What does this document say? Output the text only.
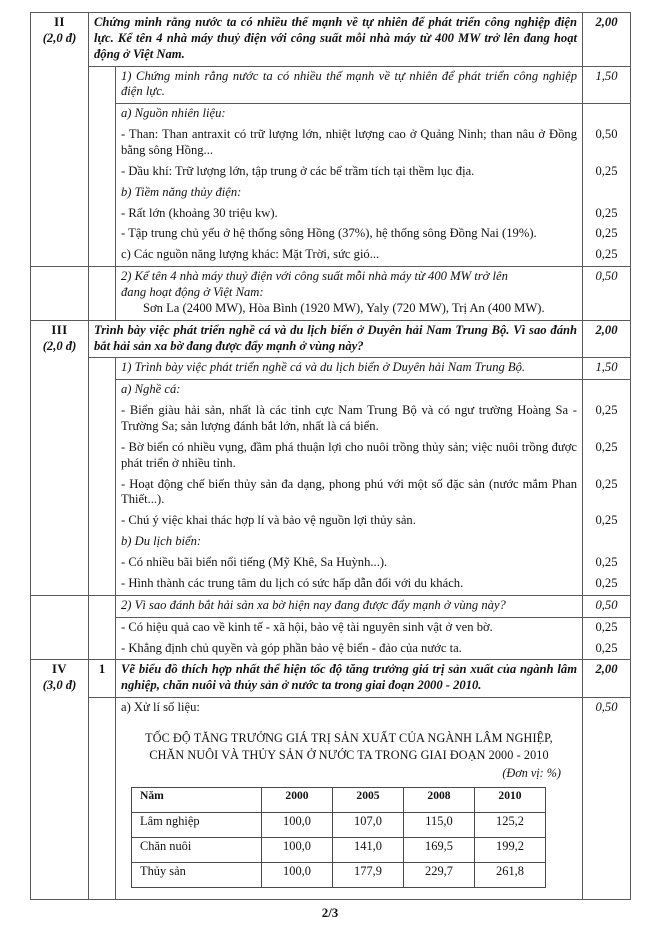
II
(2,0 đ)
	Chứng minh rằng nước ta có nhiều thế mạnh về tự nhiên để phát triển công nghiệp điện lực. Kể tên 4 nhà máy thuỷ điện với công suất mỗi nhà máy từ 400 MW trở lên đang hoạt động ở Việt Nam.	2,00
	1) Chứng minh rằng nước ta có nhiều thế mạnh về tự nhiên để phát triển công nghiệp điện lực.	1,50
a) Nguồn nhiên liệu:	
- Than: Than antraxit có trữ lượng lớn, nhiệt lượng cao ở Quảng Ninh; than nâu ở Đồng bằng sông Hồng...	0,50
- Dầu khí: Trữ lượng lớn, tập trung ở các bể trầm tích tại thềm lục địa.	0,25
b) Tiềm năng thủy điện:	
- Rất lớn (khoảng 30 triệu kw).	0,25
- Tập trung chủ yếu ở hệ thống sông Hồng (37%), hệ thống sông Đồng Nai (19%).	0,25
c) Các nguồn năng lượng khác: Mặt Trời, sức gió...	0,25

2) Kể tên 4 nhà máy thuỷ điện với công suất mỗi nhà máy từ 400 MW trở lên
đang hoạt động ở Việt Nam:
Sơn La (2400 MW), Hòa Bình (1920 MW), Yaly (720 MW), Trị An (400 MW).
	0,50

III
(2,0 đ)
	Trình bày việc phát triển nghề cá và du lịch biển ở Duyên hải Nam Trung Bộ. Vì sao đánh bắt hải sản xa bờ đang được đẩy mạnh ở vùng này?	2,00
	1) Trình bày việc phát triển nghề cá và du lịch biển ở Duyên hải Nam Trung Bộ.	1,50
a) Nghề cá:	
- Biển giàu hải sản, nhất là các tỉnh cực Nam Trung Bộ và có ngư trường Hoàng Sa - Trường Sa; sản lượng đánh bắt lớn, nhất là cá biển.	0,25
- Bờ biển có nhiều vụng, đầm phá thuận lợi cho nuôi trồng thủy sản; việc nuôi trồng được phát triển ở nhiều tỉnh.	0,25
- Hoạt động chế biến thủy sản đa dạng, phong phú với một số đặc sản (nước mắm Phan Thiết...).	0,25
- Chú ý việc khai thác hợp lí và bảo vệ nguồn lợi thủy sản.	0,25
b) Du lịch biển:	
- Có nhiều bãi biển nổi tiếng (Mỹ Khê, Sa Huỳnh...).	0,25
- Hình thành các trung tâm du lịch có sức hấp dẫn đối với du khách.	0,25
		2) Vì sao đánh bắt hải sản xa bờ hiện nay đang được đẩy mạnh ở vùng này?	0,50
- Có hiệu quả cao về kinh tế - xã hội, bảo vệ tài nguyên sinh vật ở ven bờ.	0,25
- Khẳng định chủ quyền và góp phần bảo vệ biển - đảo của nước ta.	0,25

IV
(3,0 đ)
	1	Vẽ biểu đồ thích hợp nhất thể hiện tốc độ tăng trưởng giá trị sản xuất của ngành lâm nghiệp, chăn nuôi và thủy sản ở nước ta trong giai đoạn 2000 - 2010.	2,00

a) Xử lí số liệu:
TỐC ĐỘ TĂNG TRƯỞNG GIÁ TRỊ SẢN XUẤT CỦA NGÀNH LÂM NGHIỆP,
CHĂN NUÔI VÀ THỦY SẢN Ở NƯỚC TA TRONG GIAI ĐOẠN 2000 - 2010
(Đơn vị: %)
Năm	2000	2005	2008	2010
Lâm nghiệp	100,0	107,0	115,0	125,2
Chăn nuôi	100,0	141,0	169,5	199,2
Thủy sản	100,0	177,9	229,7	261,8
	0,50
2/3
